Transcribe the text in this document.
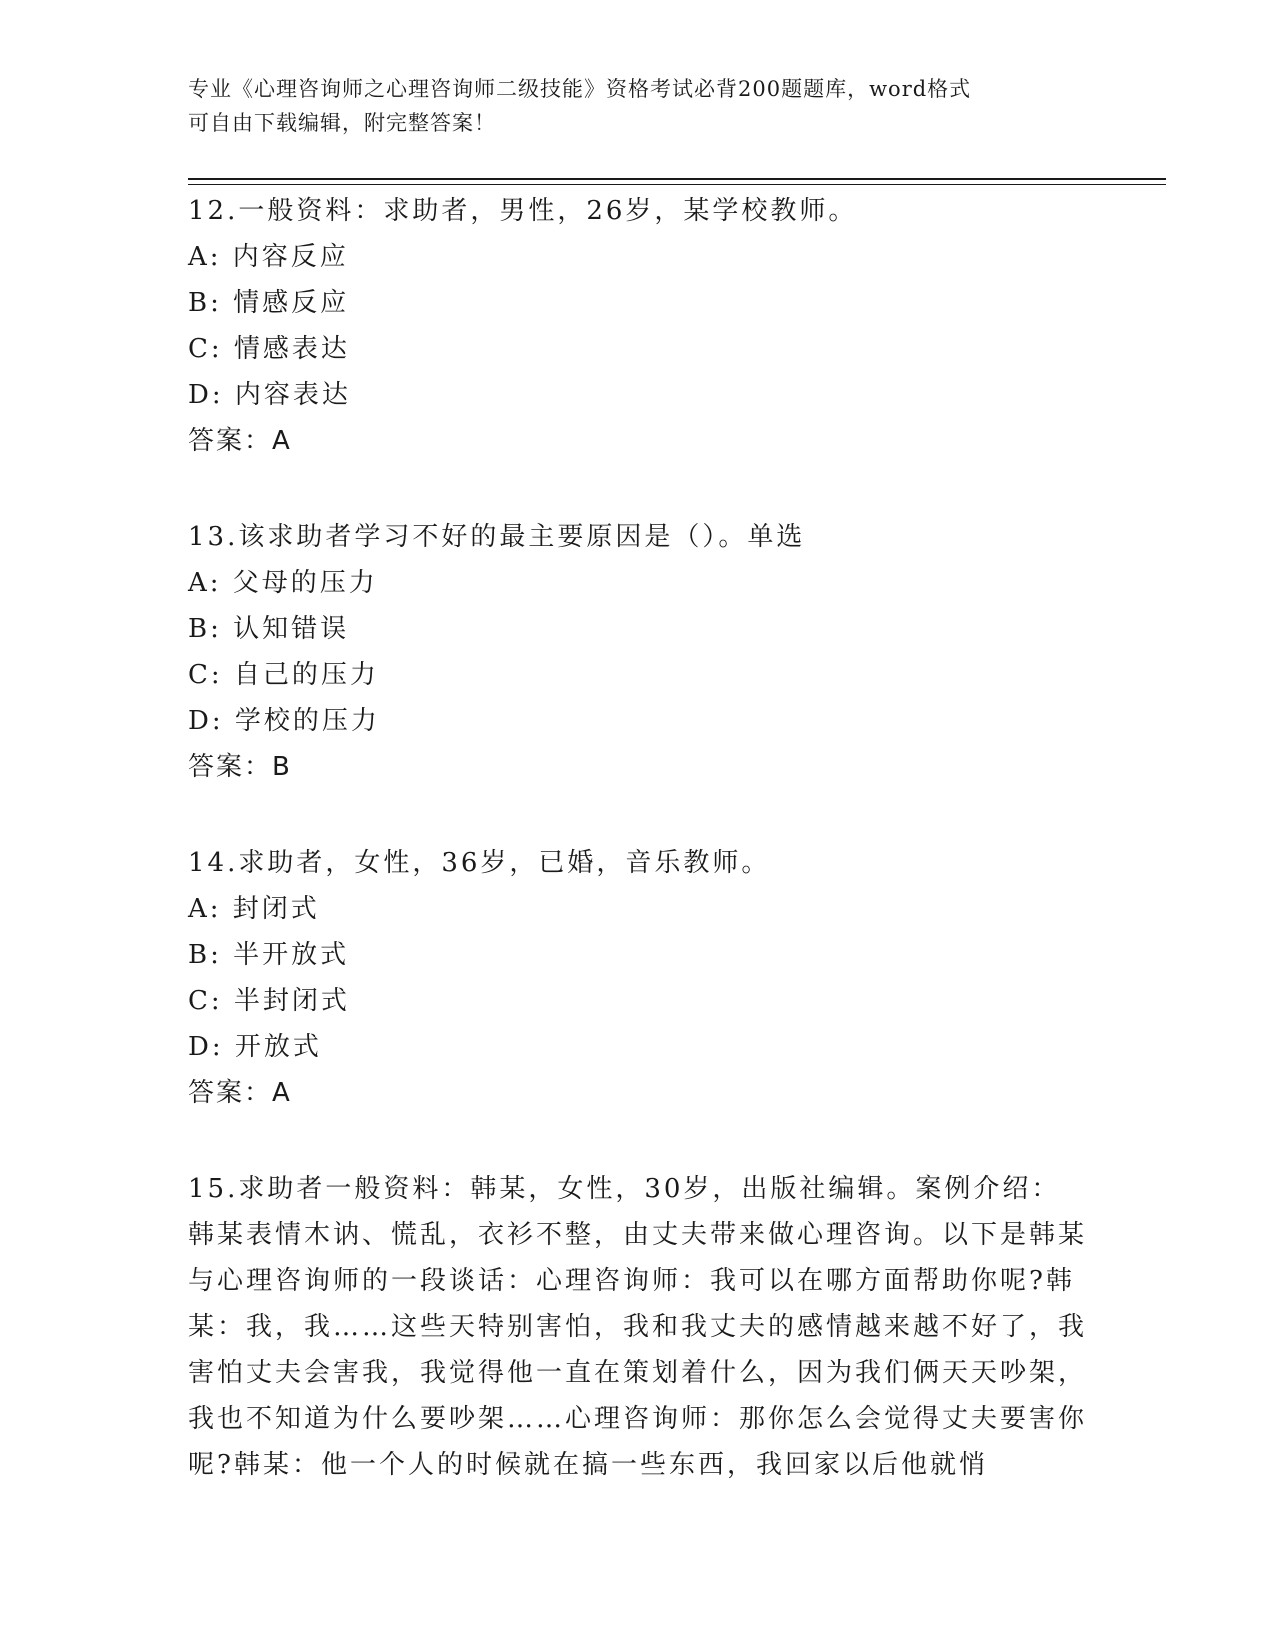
专业《心理咨询师之心理咨询师二级技能》资格考试必背200题题库，word格式
可自由下载编辑，附完整答案！
12.一般资料：求助者，男性，26岁，某学校教师。
A: 内容反应
B: 情感反应
C: 情感表达
D: 内容表达
答案：A
13.该求助者学习不好的最主要原因是（）。单选
A: 父母的压力
B: 认知错误
C: 自己的压力
D: 学校的压力
答案：B
14.求助者，女性，36岁，已婚，音乐教师。
A: 封闭式
B: 半开放式
C: 半封闭式
D: 开放式
答案：A
15.求助者一般资料：韩某，女性，30岁，出版社编辑。案例介绍：韩某表情木讷、慌乱，衣衫不整，由丈夫带来做心理咨询。以下是韩某与心理咨询师的一段谈话：心理咨询师：我可以在哪方面帮助你呢?韩某：我，我……这些天特别害怕，我和我丈夫的感情越来越不好了，我害怕丈夫会害我，我觉得他一直在策划着什么，因为我们俩天天吵架，我也不知道为什么要吵架……心理咨询师：那你怎么会觉得丈夫要害你呢?韩某：他一个人的时候就在搞一些东西，我回家以后他就悄
